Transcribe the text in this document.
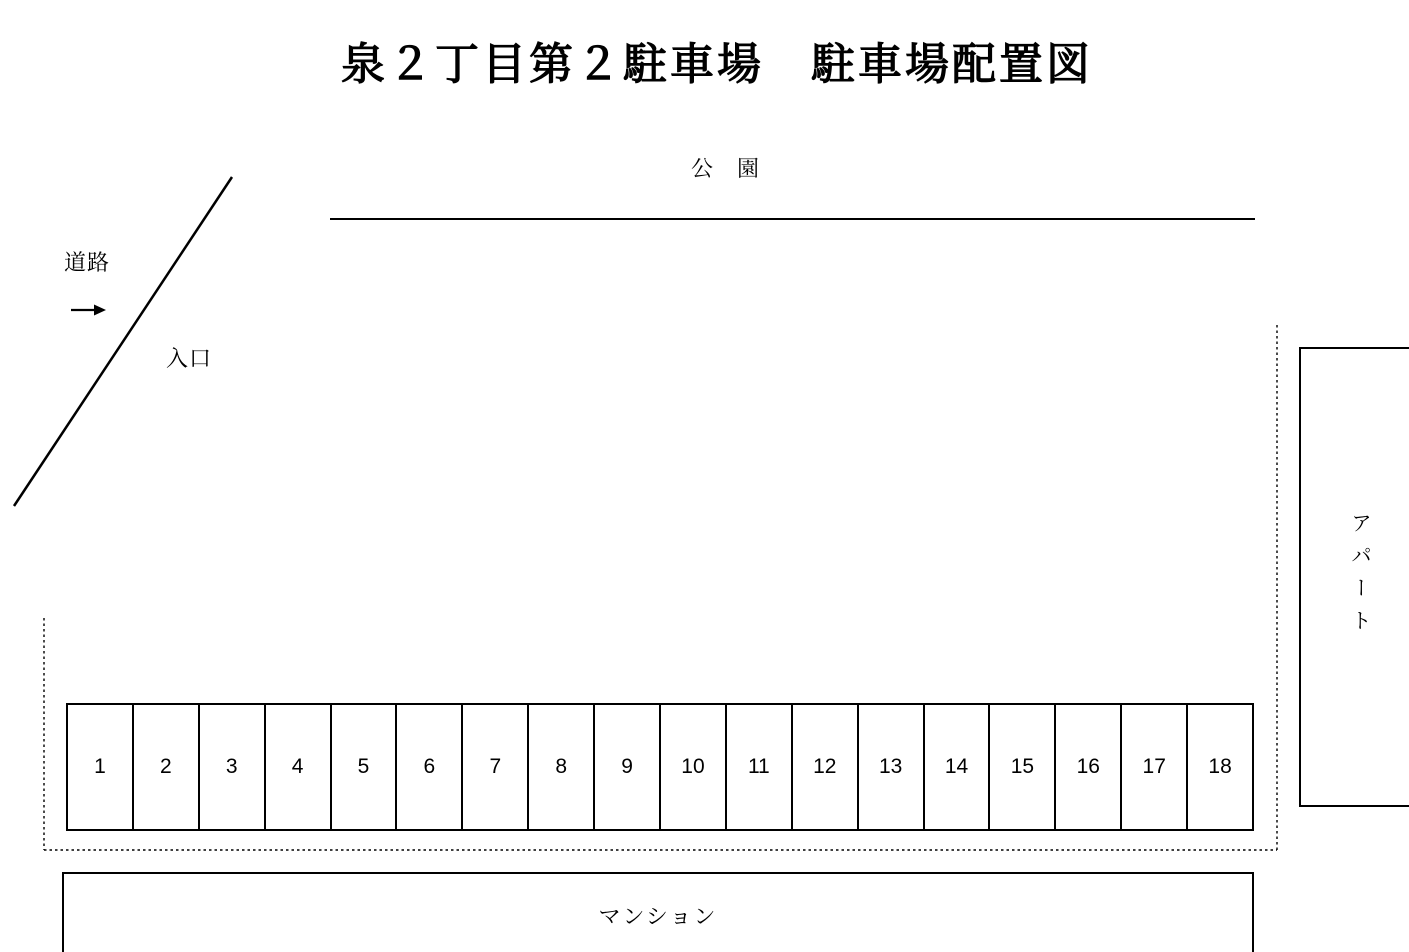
泉２丁目第２駐車場　駐車場配置図
公　園
道路
入口
1	2	3	4	5	6	7	8	9	10	11	12	13	14	15	16	17	18
アパート
マンション
